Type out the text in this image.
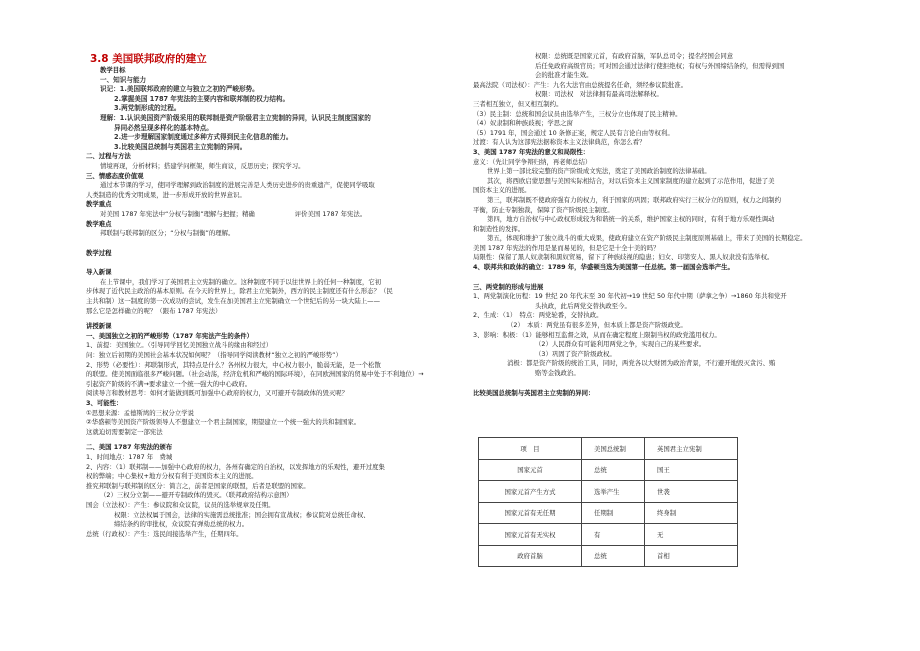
3.8 美国联邦政府的建立
教学目标
一、知识与能力
识记：1.美国联邦政府的建立与独立之初的严峻形势。
2.掌握美国 1787 年宪法的主要内容和联邦制的权力结构。
3.两党制形成的过程。
理解：1.认识美国资产阶级采用的联邦制是资产阶级君主立宪制的异同，认识民主制度国家的
异同必然呈现多样化的基本特点。
2.进一步理解国家制度通过多种方式得到民主化信息的能力。
3.比较美国总统制与英国君主立宪制的异同。
二、过程与方法
情境再现，分析材料；搭建学问框架，师生商议，反思历史；探究学习。
三、情感态度价值观
通过本节课的学习，使同学理解到政治制度的进展完善是人类历史进步的贵重遗产，促使同学吸取
人类制造的优秀文明成果，进一步形成开放的世界意识。
教学重点
对美国 1787 年宪法中“分权与制衡”理解与把握；精确	评价美国 1787 年宪法。
教学难点
邦联制与联邦制的区分；“分权与制衡”的理解。
教学过程
导入新课
在上节课中，我们学习了英国君主立宪制的确立。这种制度不同于以往世界上的任何一种制度，它初
步体现了近代民主政治的基本原则。在今天的世界上，除君主立宪制外，西方的民主制度还有什么形态？（民
主共和制）这一制度的第一次成功的尝试，发生在加美国君主立宪制确立一个世纪后的另一块大陆上——
那么它是怎样确立的呢？（跟布 1787 年宪法）
讲授新课
一、美国独立之初的严峻形势（1787 年宪法产生的条件）
1、前提：美国独立。（引导同学回忆美国独立战斗的缘由和经过）
问：独立后初期的美国社会基本状况如何呢？（指导同学阅读教材“独立之初的严峻形势”）
2、形势（必要性）：邦联制形式，其特点是什么？各州权力很大，中心权力很小，脆弱无能，是一个松散
的联盟。使美国面临很多严峻问题。（社会动荡，经济危机和严峻的国际环境），在同欧洲国家的贸易中处于不利地位）→
引起资产阶级的不满→要求建立一个统一强大的中心政府。
阅读导言和教材思考：如何才能做到既可加强中心政府的权力，又可避开专制政体的毁灭呢？
3、可能性：
①思想来源：孟德斯鸠的三权分立学说
②华盛顿等美国资产阶级领导人不想建立一个君主制国家，期望建立一个统一强大的共和制国家。
这就迫切需要制定一部宪法
二、美国 1787 年宪法的颁布
1、时间地点：1787 年　费城
2、内容：（1）联邦制——加强中心政府的权力，各州有确定的自治权，以发挥地方的乐观性，避开过度集
权的弊端；中心集权+地方分权有利于美国资本主义的进展。
推究邦联制与联邦制的区分：简言之，前者是国家的联盟，后者是联盟的国家。
（2）三权分立制——避开专制政体的毁灭。（联邦政府结构示意图）
国会（立法权）：产生：参议院和众议院，议员的选举规章及任期。
权限：立法权属于国会，法律的实施需总统批准；国会拥有宣战权；参议院对总统任命权、
缔结条约的审批权，众议院有弹劾总统的权力。
总统（行政权）：产生：选民间接选举产生，任期四年。
权限：总统既是国家元首，有政府首脑，军队总司令；提名经国会同意
后任免政府高级官员；可对国会通过法律行使拒绝权；有权与外国缔结条约，但需得到国
会的批准才能生效。
最高法院（司法权）：产生：九名大法官由总统提名任命，须经参议院批准。
权限：司法权　对法律拥有最高司法解释权。
三者相互独立，但又相互制约。
（3）民主制：总统和国会议员由选举产生，三权分立也体现了民主精神。
（4）奴隶制和种族歧视；学思之窗
（5）1791 年，国会通过 10 条修正案，规定人民有言论自由等权利。
过渡：有人认为这部宪法据称资本主义法律典范，你怎么看？
3、美国 1787 年宪法的意义和局限性：
意义：（先让同学争辩归纳，再老师总结）
世界上第一部比较完整的资产阶级成文宪法，奠定了美国政治制度的法律基础。
其次，将西欧启蒙思想与美国实际相结合，对以后资本主义国家制度的建立起到了示范作用，促进了美
国资本主义的进展。
第三，联邦制既不使政府强有力的权力，利于国家的巩固；联邦政府实行三权分立的原则，权力之间制约
平衡，防止专制独裁，保障了资产阶级民主制度。
第四，地方自治权与中心政权形成较为和谐统一的关系，维护国家主权的同时，有利于地方乐观性调动
和制造性的发挥。
第五，体现和维护了独立战斗的重大成果，使政府建立在资产阶级民主制度原则基础上，带来了美国的长期稳定。
美国 1787 年宪法的作用是显而易见的，但是它是十全十美的吗？
局限性：保留了黑人奴隶制和黑奴贸易，留下了种族歧视的隐患；妇女、印第安人、黑人奴隶没有选举权。
4、联邦共和政体的确立：1789 年，华盛顿当选为美国第一任总统。第一届国会选举产生。
三、两党制的形成与进展
1、两党制演化历程：19 世纪 20 年代末至 30 年代初→19 世纪 50 年代中期（萨拿之争）→1860 年共和党开
头执政，此后两党交替执政至今。
2、生成：（1）　特点：两党轮番，交替执政。
（2）　本质：两党虽有很多差异，但本质上都是资产阶级政党。
3、影响：积极：（1）能够相互监督之效，从而在确定程度上限制当权的政党滥用权力。
（2）人民群众有可能利用两党之争，实现自己的某些要求。
（3）巩固了资产阶级政权。
消极：都是资产阶级的统治工具，同时，两党各以大财团为政治背景，不行避开地毁灭贪污、贿
赂等金钱政治。
比较美国总统制与英国君主立宪制的异同：
项　目	美国总统制	英国君主立宪制
国家元首	总统	国王
国家元首产生方式	选举产生	世袭
国家元首有无任期	任期制	终身制
国家元首有无实权	有	无
政府首脑	总统	首相
